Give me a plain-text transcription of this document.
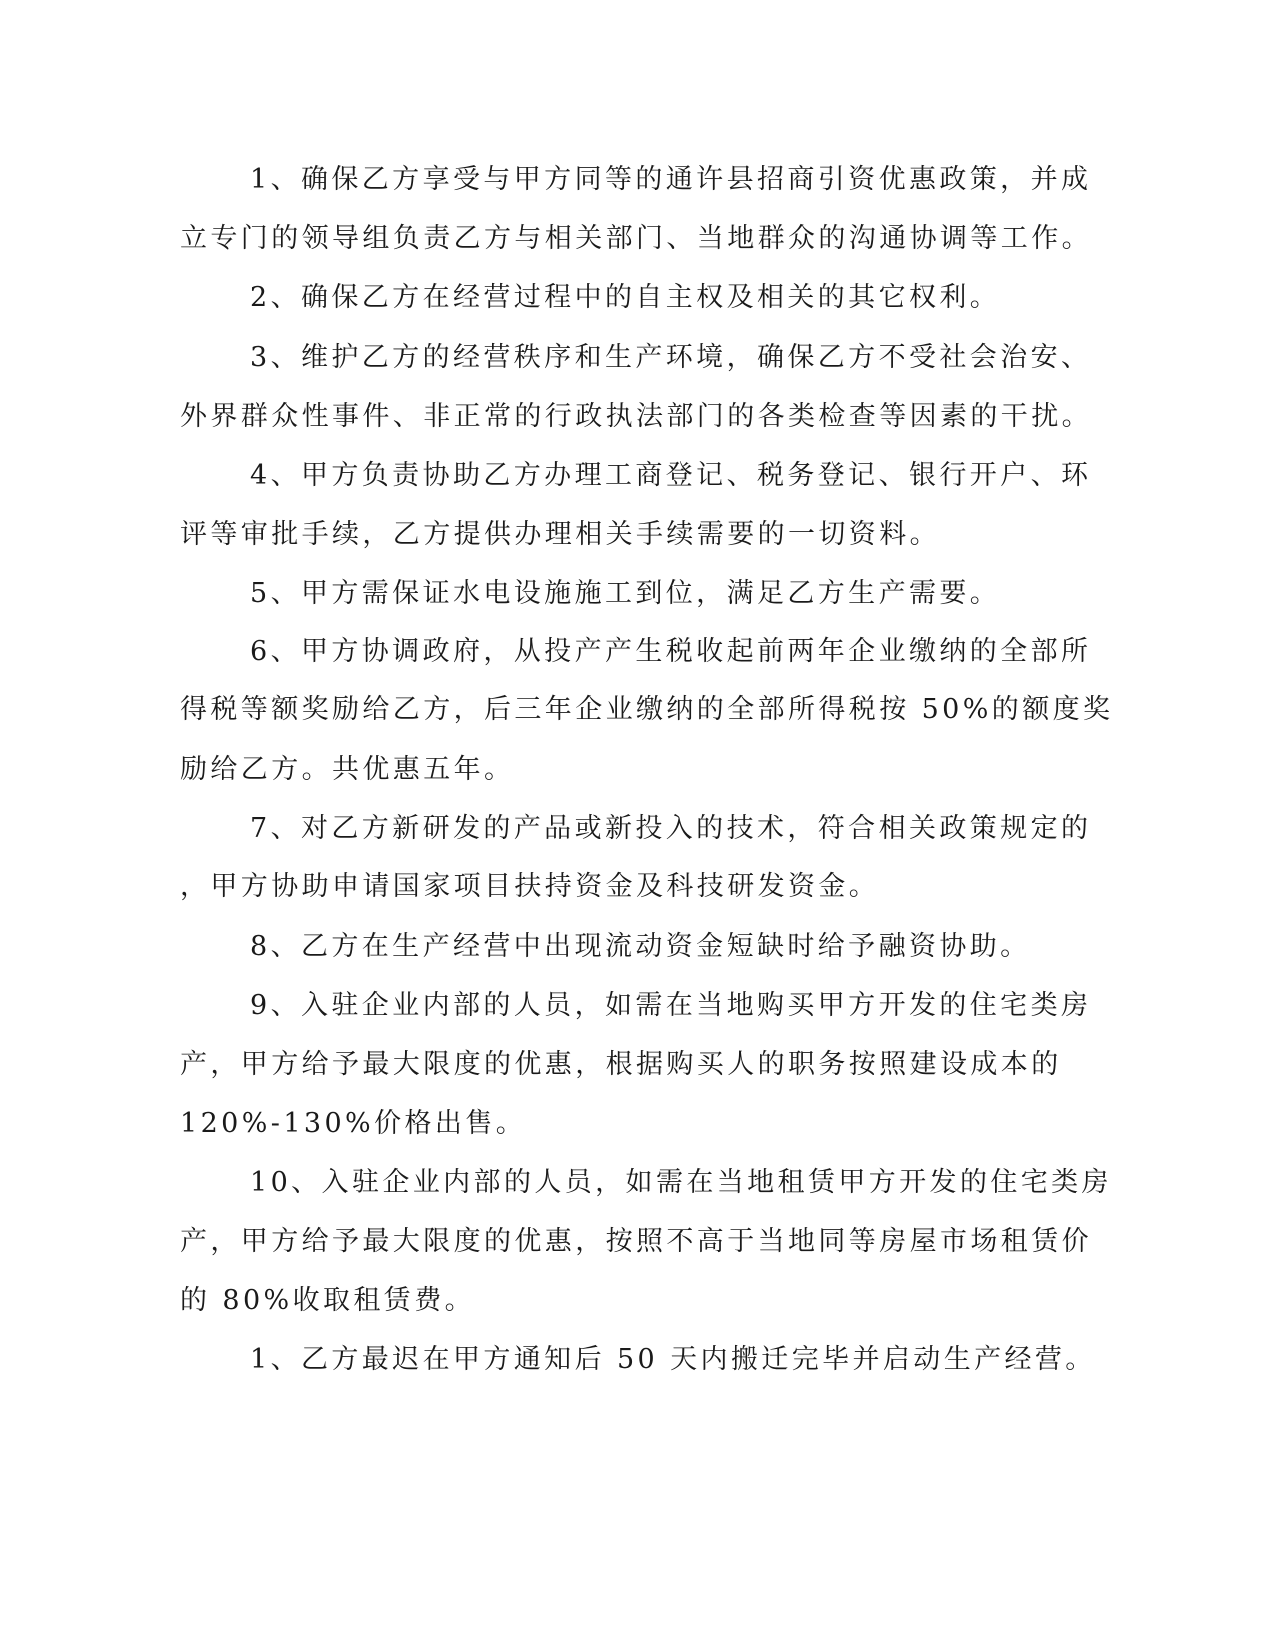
1、确保乙方享受与甲方同等的通许县招商引资优惠政策，并成
立专门的领导组负责乙方与相关部门、当地群众的沟通协调等工作。
2、确保乙方在经营过程中的自主权及相关的其它权利。
3、维护乙方的经营秩序和生产环境，确保乙方不受社会治安、
外界群众性事件、非正常的行政执法部门的各类检查等因素的干扰。
4、甲方负责协助乙方办理工商登记、税务登记、银行开户、环
评等审批手续，乙方提供办理相关手续需要的一切资料。
5、甲方需保证水电设施施工到位，满足乙方生产需要。
6、甲方协调政府，从投产产生税收起前两年企业缴纳的全部所
得税等额奖励给乙方，后三年企业缴纳的全部所得税按 50%的额度奖
励给乙方。共优惠五年。
7、对乙方新研发的产品或新投入的技术，符合相关政策规定的
，甲方协助申请国家项目扶持资金及科技研发资金。
8、乙方在生产经营中出现流动资金短缺时给予融资协助。
9、入驻企业内部的人员，如需在当地购买甲方开发的住宅类房
产，甲方给予最大限度的优惠，根据购买人的职务按照建设成本的
120%-130%价格出售。
10、入驻企业内部的人员，如需在当地租赁甲方开发的住宅类房
产，甲方给予最大限度的优惠，按照不高于当地同等房屋市场租赁价
的 80%收取租赁费。
1、乙方最迟在甲方通知后 50 天内搬迁完毕并启动生产经营。
